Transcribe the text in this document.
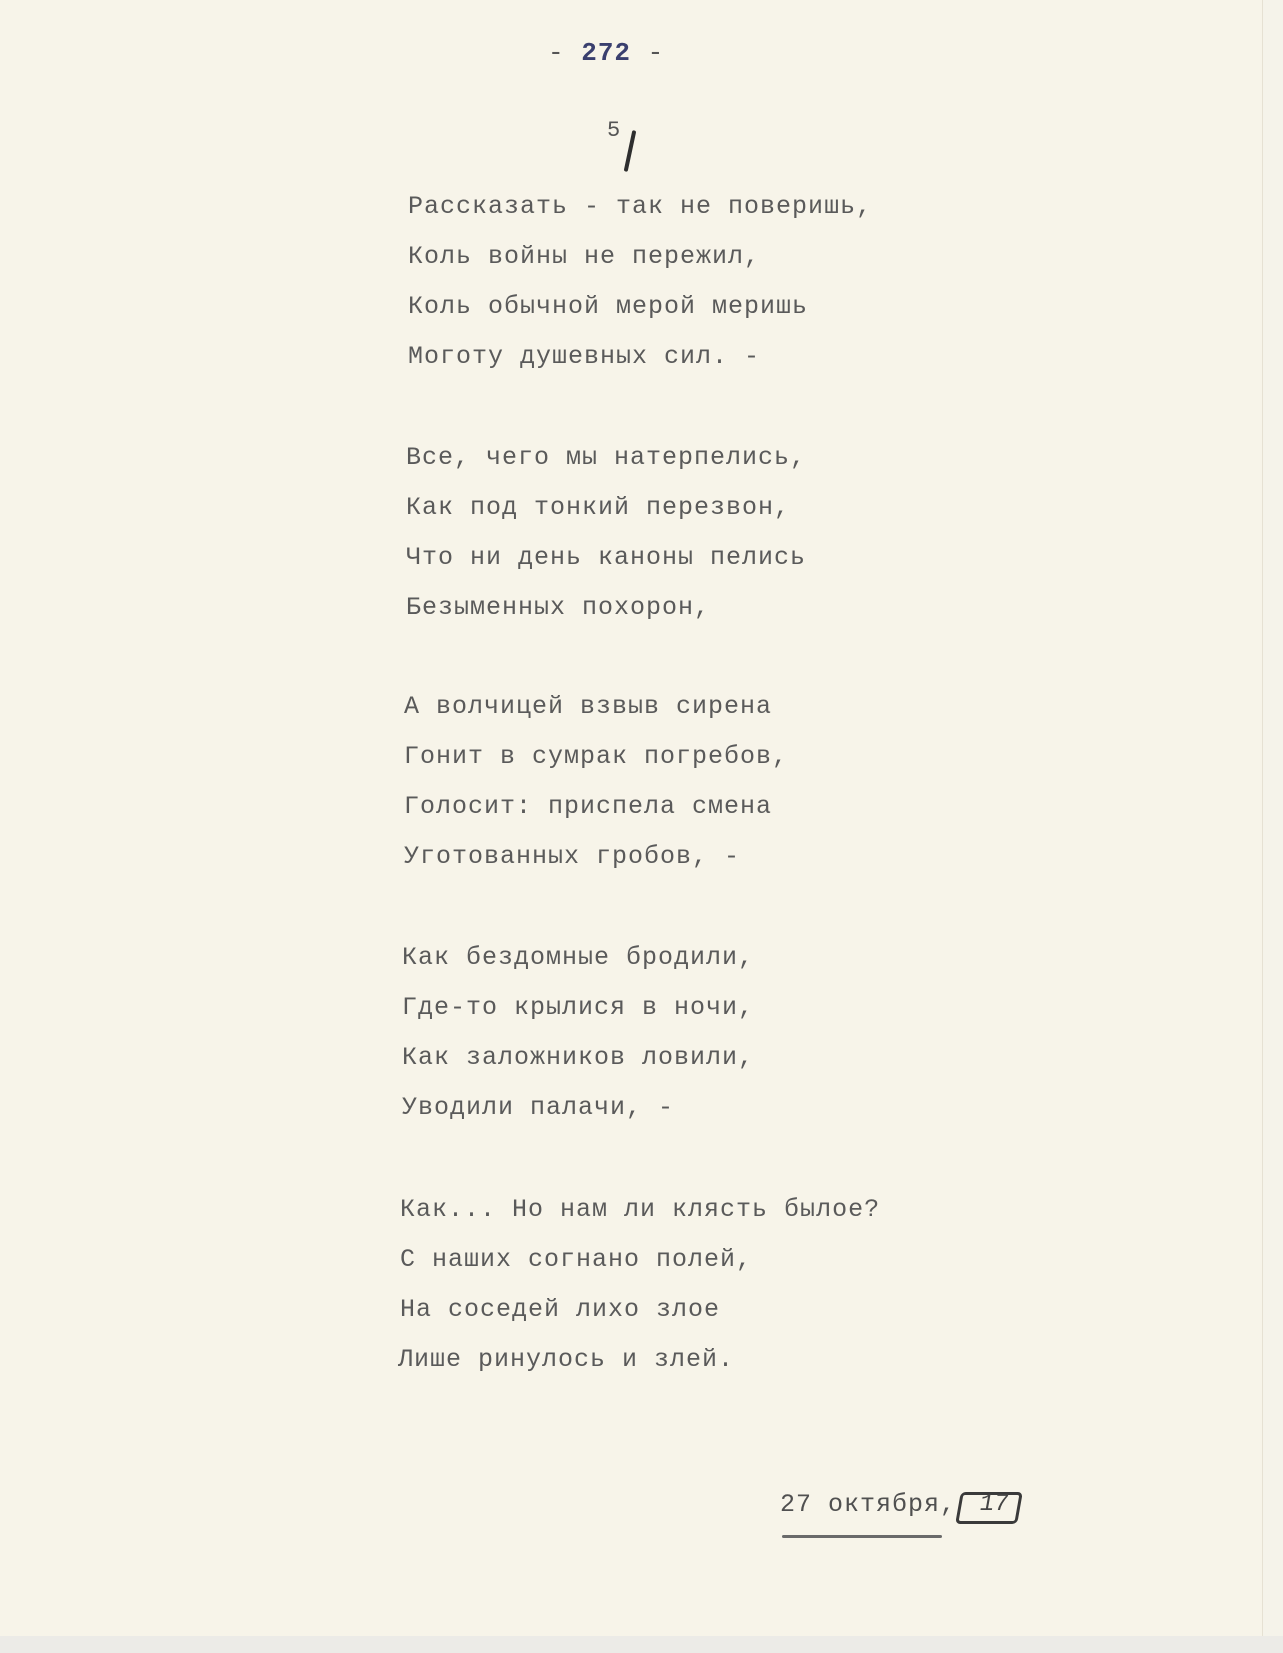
- 272 -
5
Рассказать - так не поверишь,
Коль войны не пережил,
Коль обычной мерой меришь
Моготу душевных сил. -
Все, чего мы натерпелись,
Как под тонкий перезвон,
Что ни день каноны пелись
Безыменных похорон,
А волчицей взвыв сирена
Гонит в сумрак погребов,
Голосит: приспела смена
Уготованных гробов, -
Как бездомные бродили,
Где-то крылися в ночи,
Как заложников ловили,
Уводили палачи, -
Как... Но нам ли клясть былое?
С наших согнано полей,
На соседей лихо злое
Лише ринулось и злей.
27 октября, 17
